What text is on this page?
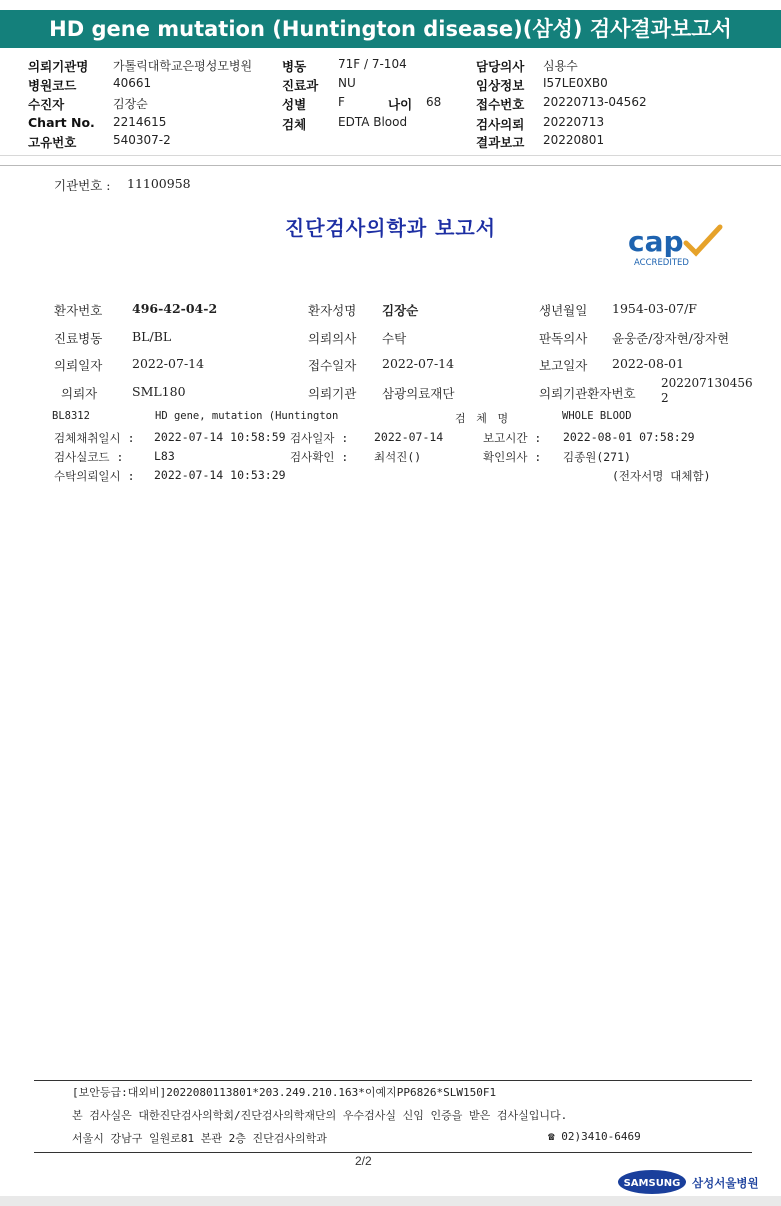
HD gene mutation (Huntington disease)(삼성) 검사결과보고서
의뢰기관명 가톨릭대학교은평성모병원
병원코드	40661
수진자	김장순
Chart No. 2214615
고유번호	540307-2
병동	71F / 7-104
진료과 NU
성별	F	나이 68
검체	EDTA Blood
담당의사 심용수
임상정보 I57LE0XB0
접수번호 20220713-04562
검사의뢰 20220713
결과보고 20220801
기관번호 : 11100958
진단검사의학과 보고서	cap
ACCREDITED
환자번호 496-42-04-2	환자성명 김장순	생년월일 1954-03-07/F
진료병동 BL/BL	의뢰의사 수탁	판독의사 윤웅준/장자현/장자현
의뢰일자 2022-07-14	접수일자 2022-07-14	보고일자 2022-08-01
의뢰자	SML180	의뢰기관 삼광의료재단	의뢰기관환자번호
202207130456
2
BL8312	HD gene, mutation (Huntington	검 체 명	WHOLE BLOOD
검체채취일시 : 2022-07-14 10:58:59 검사일자 : 2022-07-14	보고시간 : 2022-08-01 07:58:29
검사실코드 :	L83	검사확인 : 최석진()	확인의사 : 김종원(271)
수탁의뢰일시 : 2022-07-14 10:53:29	(전자서명 대체함)
[보안등급:대외비]2022080113801*203.249.210.163*이예지PP6826*SLW150F1
본 검사실은 대한진단검사의학회/진단검사의학재단의 우수검사실 신임 인증을 받은 검사실입니다.
서울시 강남구 일원로81 본관 2층 진단검사의학과	☎ 02)3410-6469
2/2
SAMSUNG 삼성서울병원
